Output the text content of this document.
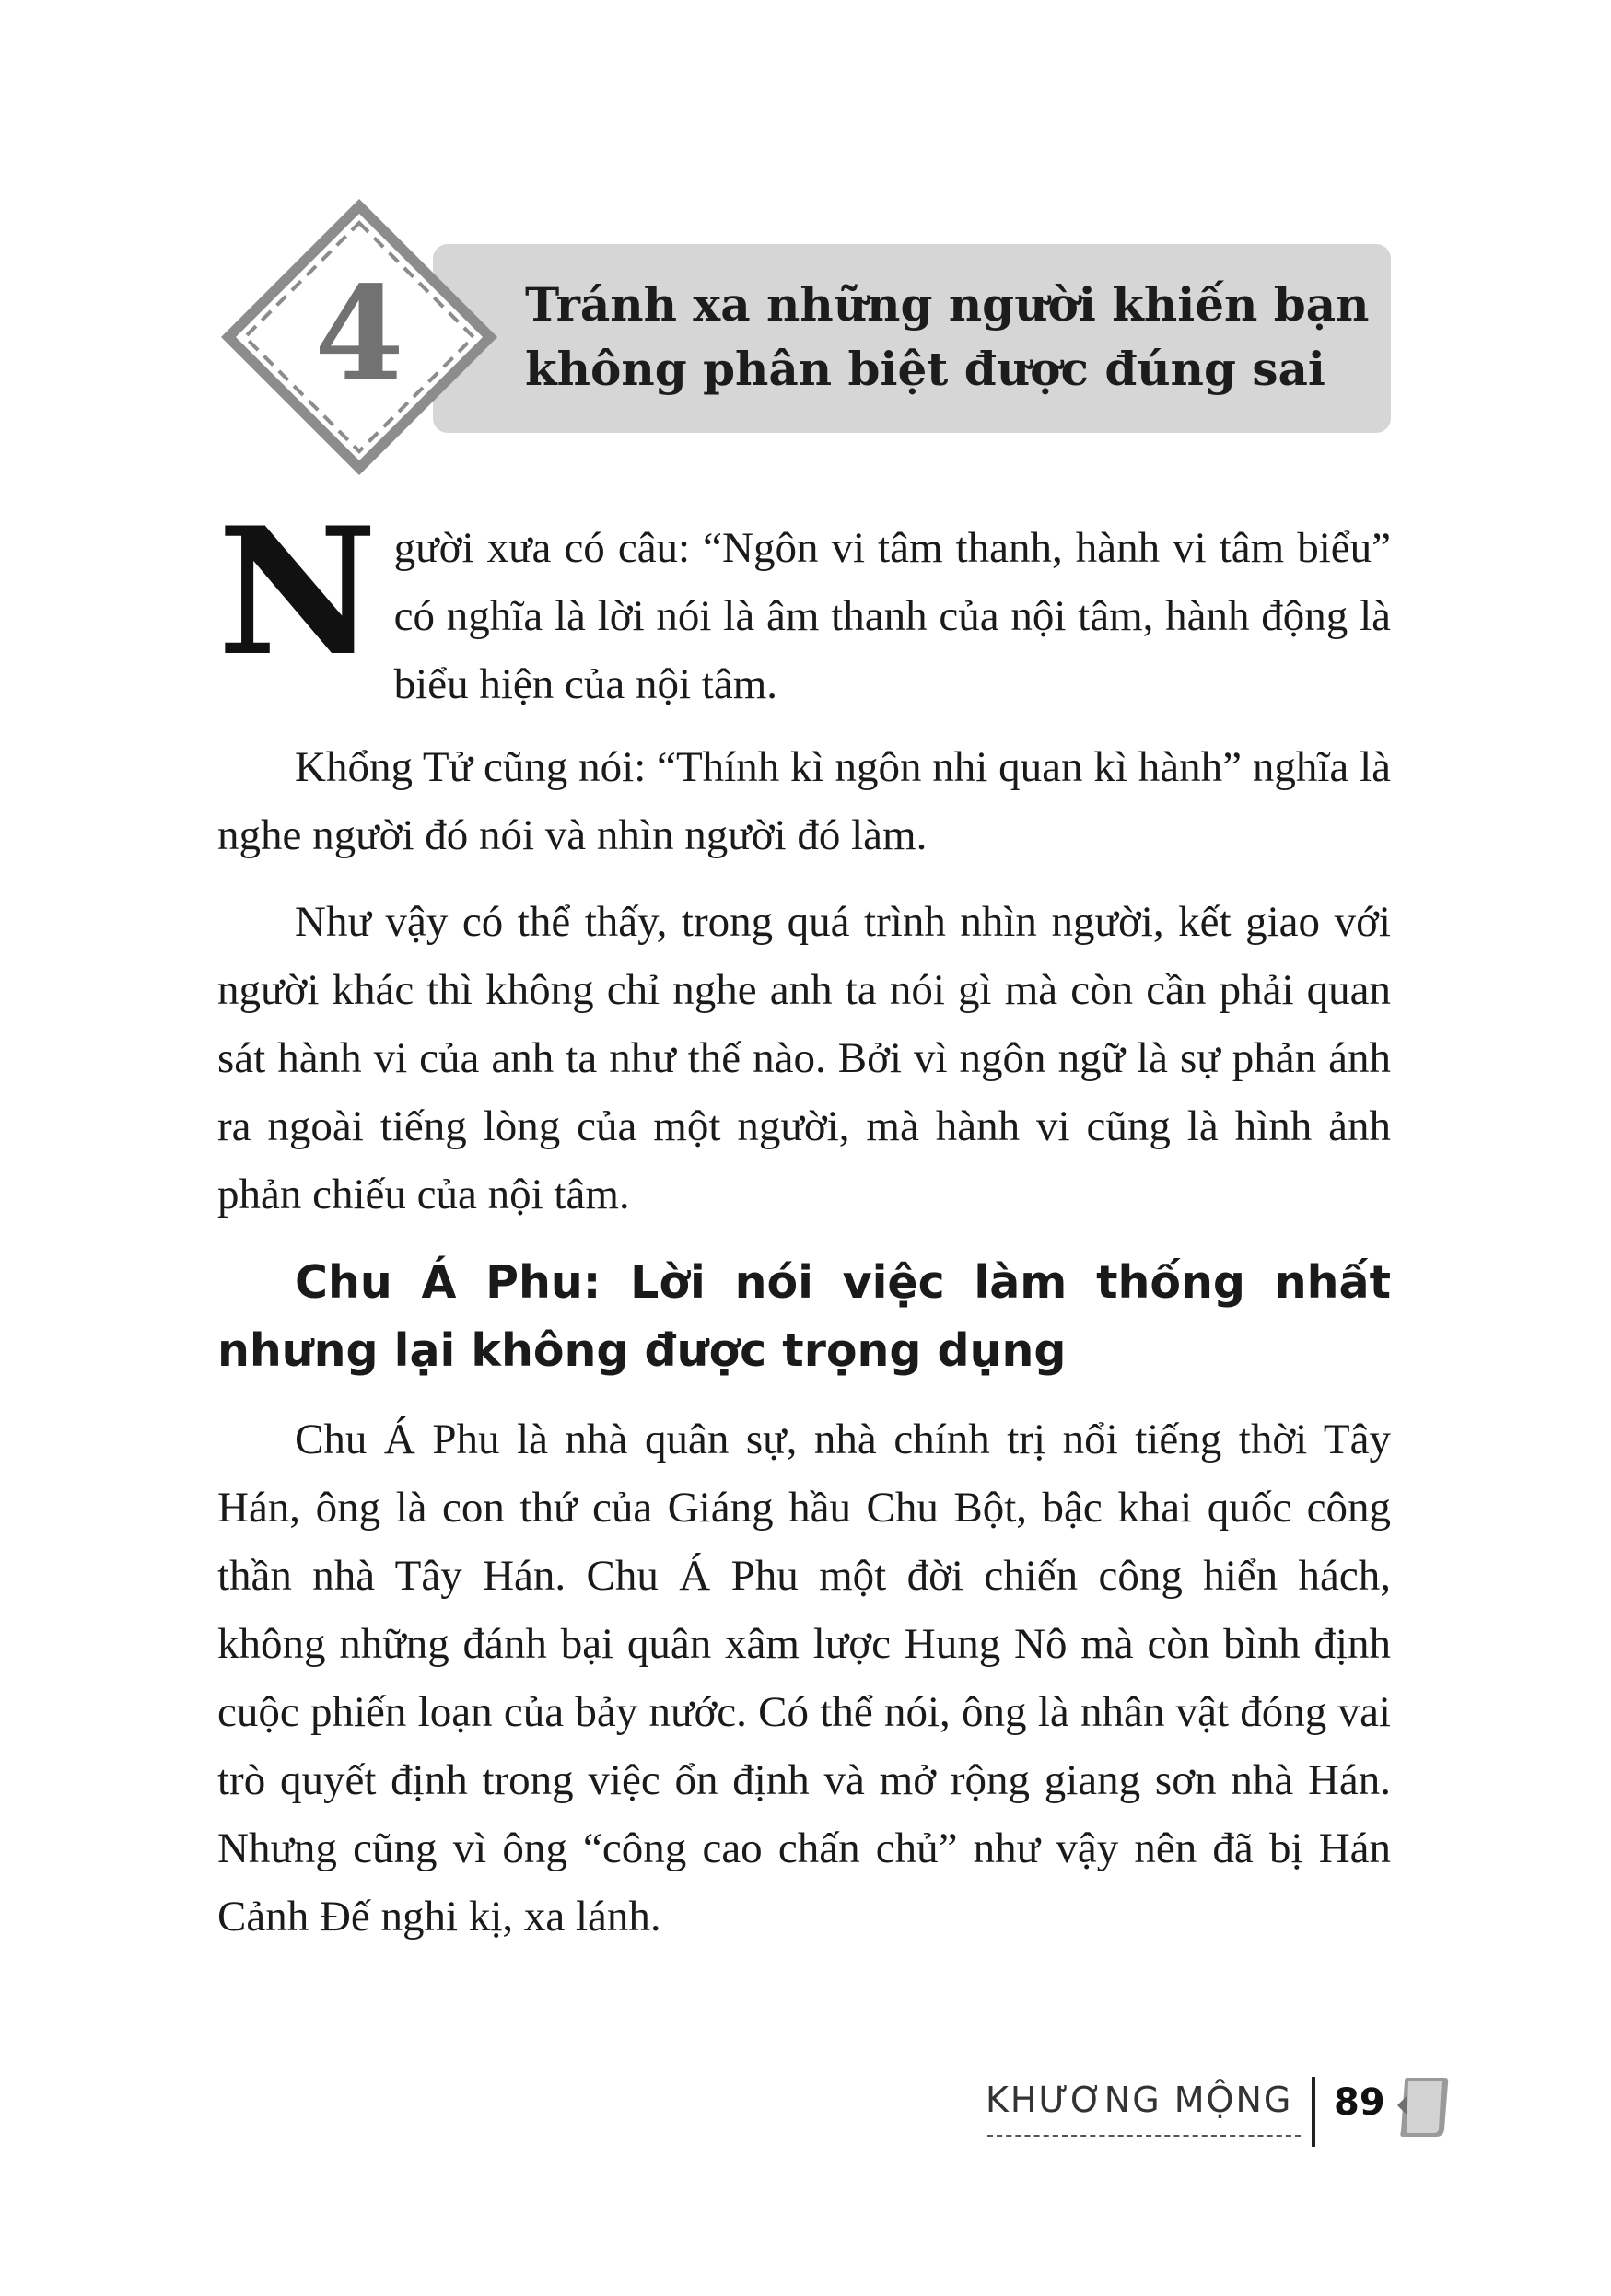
4	Tránh xa những người khiến bạn không phân biệt được đúng sai
N gười xưa có câu: “Ngôn vi tâm thanh, hành vi tâm biểu” có nghĩa là lời nói là âm thanh của nội tâm, hành động là biểu hiện của nội tâm.

Khổng Tử cũng nói: “Thính kì ngôn nhi quan kì hành” nghĩa là nghe người đó nói và nhìn người đó làm.

Như vậy có thể thấy, trong quá trình nhìn người, kết giao với người khác thì không chỉ nghe anh ta nói gì mà còn cần phải quan sát hành vi của anh ta như thế nào. Bởi vì ngôn ngữ là sự phản ánh ra ngoài tiếng lòng của một người, mà hành vi cũng là hình ảnh phản chiếu của nội tâm.

Chu Á Phu: Lời nói việc làm thống nhất nhưng lại không được trọng dụng

Chu Á Phu là nhà quân sự, nhà chính trị nổi tiếng thời Tây Hán, ông là con thứ của Giáng hầu Chu Bột, bậc khai quốc công thần nhà Tây Hán. Chu Á Phu một đời chiến công hiển hách, không những đánh bại quân xâm lược Hung Nô mà còn bình định cuộc phiến loạn của bảy nước. Có thể nói, ông là nhân vật đóng vai trò quyết định trong việc ổn định và mở rộng giang sơn nhà Hán. Nhưng cũng vì ông “công cao chấn chủ” như vậy nên đã bị Hán Cảnh Đế nghi kị, xa lánh.

KHƯƠNG MỘNG 89
